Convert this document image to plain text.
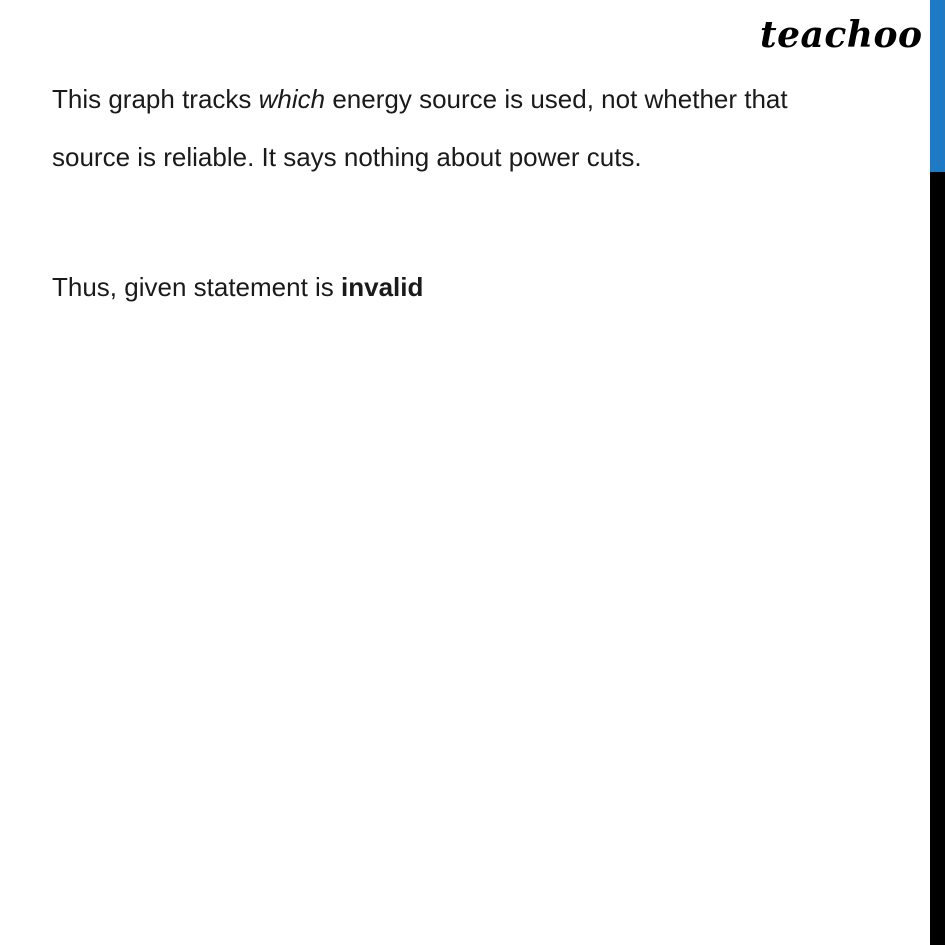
teachoo

This graph tracks which energy source is used, not whether that

source is reliable. It says nothing about power cuts.

Thus, given statement is invalid
